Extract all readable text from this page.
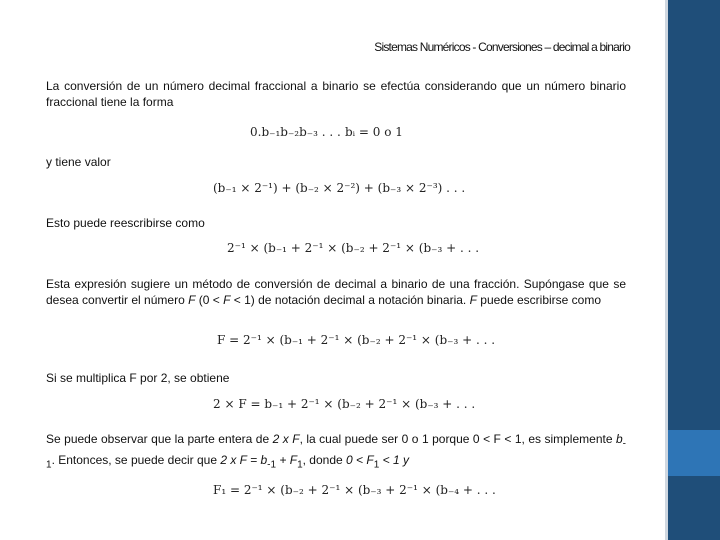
Sistemas Numéricos - Conversiones – decimal a binario
La conversión de un número decimal fraccional a binario se efectúa considerando que un número binario fraccional tiene la forma
0.b₋₁b₋₂b₋₃ . . . bᵢ = 0 o 1
y tiene valor
(b₋₁ × 2⁻¹) + (b₋₂ × 2⁻²) + (b₋₃ × 2⁻³) . . .
Esto puede reescribirse como
2⁻¹ × (b₋₁ + 2⁻¹ × (b₋₂ + 2⁻¹ × (b₋₃ + . . .
Esta expresión sugiere un método de conversión de decimal a binario de una fracción. Supóngase que se desea convertir el número F (0 < F < 1) de notación decimal a notación binaria. F puede escribirse como
F = 2⁻¹ × (b₋₁ + 2⁻¹ × (b₋₂ + 2⁻¹ × (b₋₃ + . . .
Si se multiplica F por 2, se obtiene
2 × F = b₋₁ + 2⁻¹ × (b₋₂ + 2⁻¹ × (b₋₃ + . . .
Se puede observar que la parte entera de 2 x F, la cual puede ser 0 o 1 porque 0 < F < 1, es simplemente $b_{-1}$. Entonces, se puede decir que 2 x $F = b_{-1} + F_1$, donde $0 < F_1 < 1$ y
F₁ = 2⁻¹ × (b₋₂ + 2⁻¹ × (b₋₃ + 2⁻¹ × (b₋₄ + . . .
